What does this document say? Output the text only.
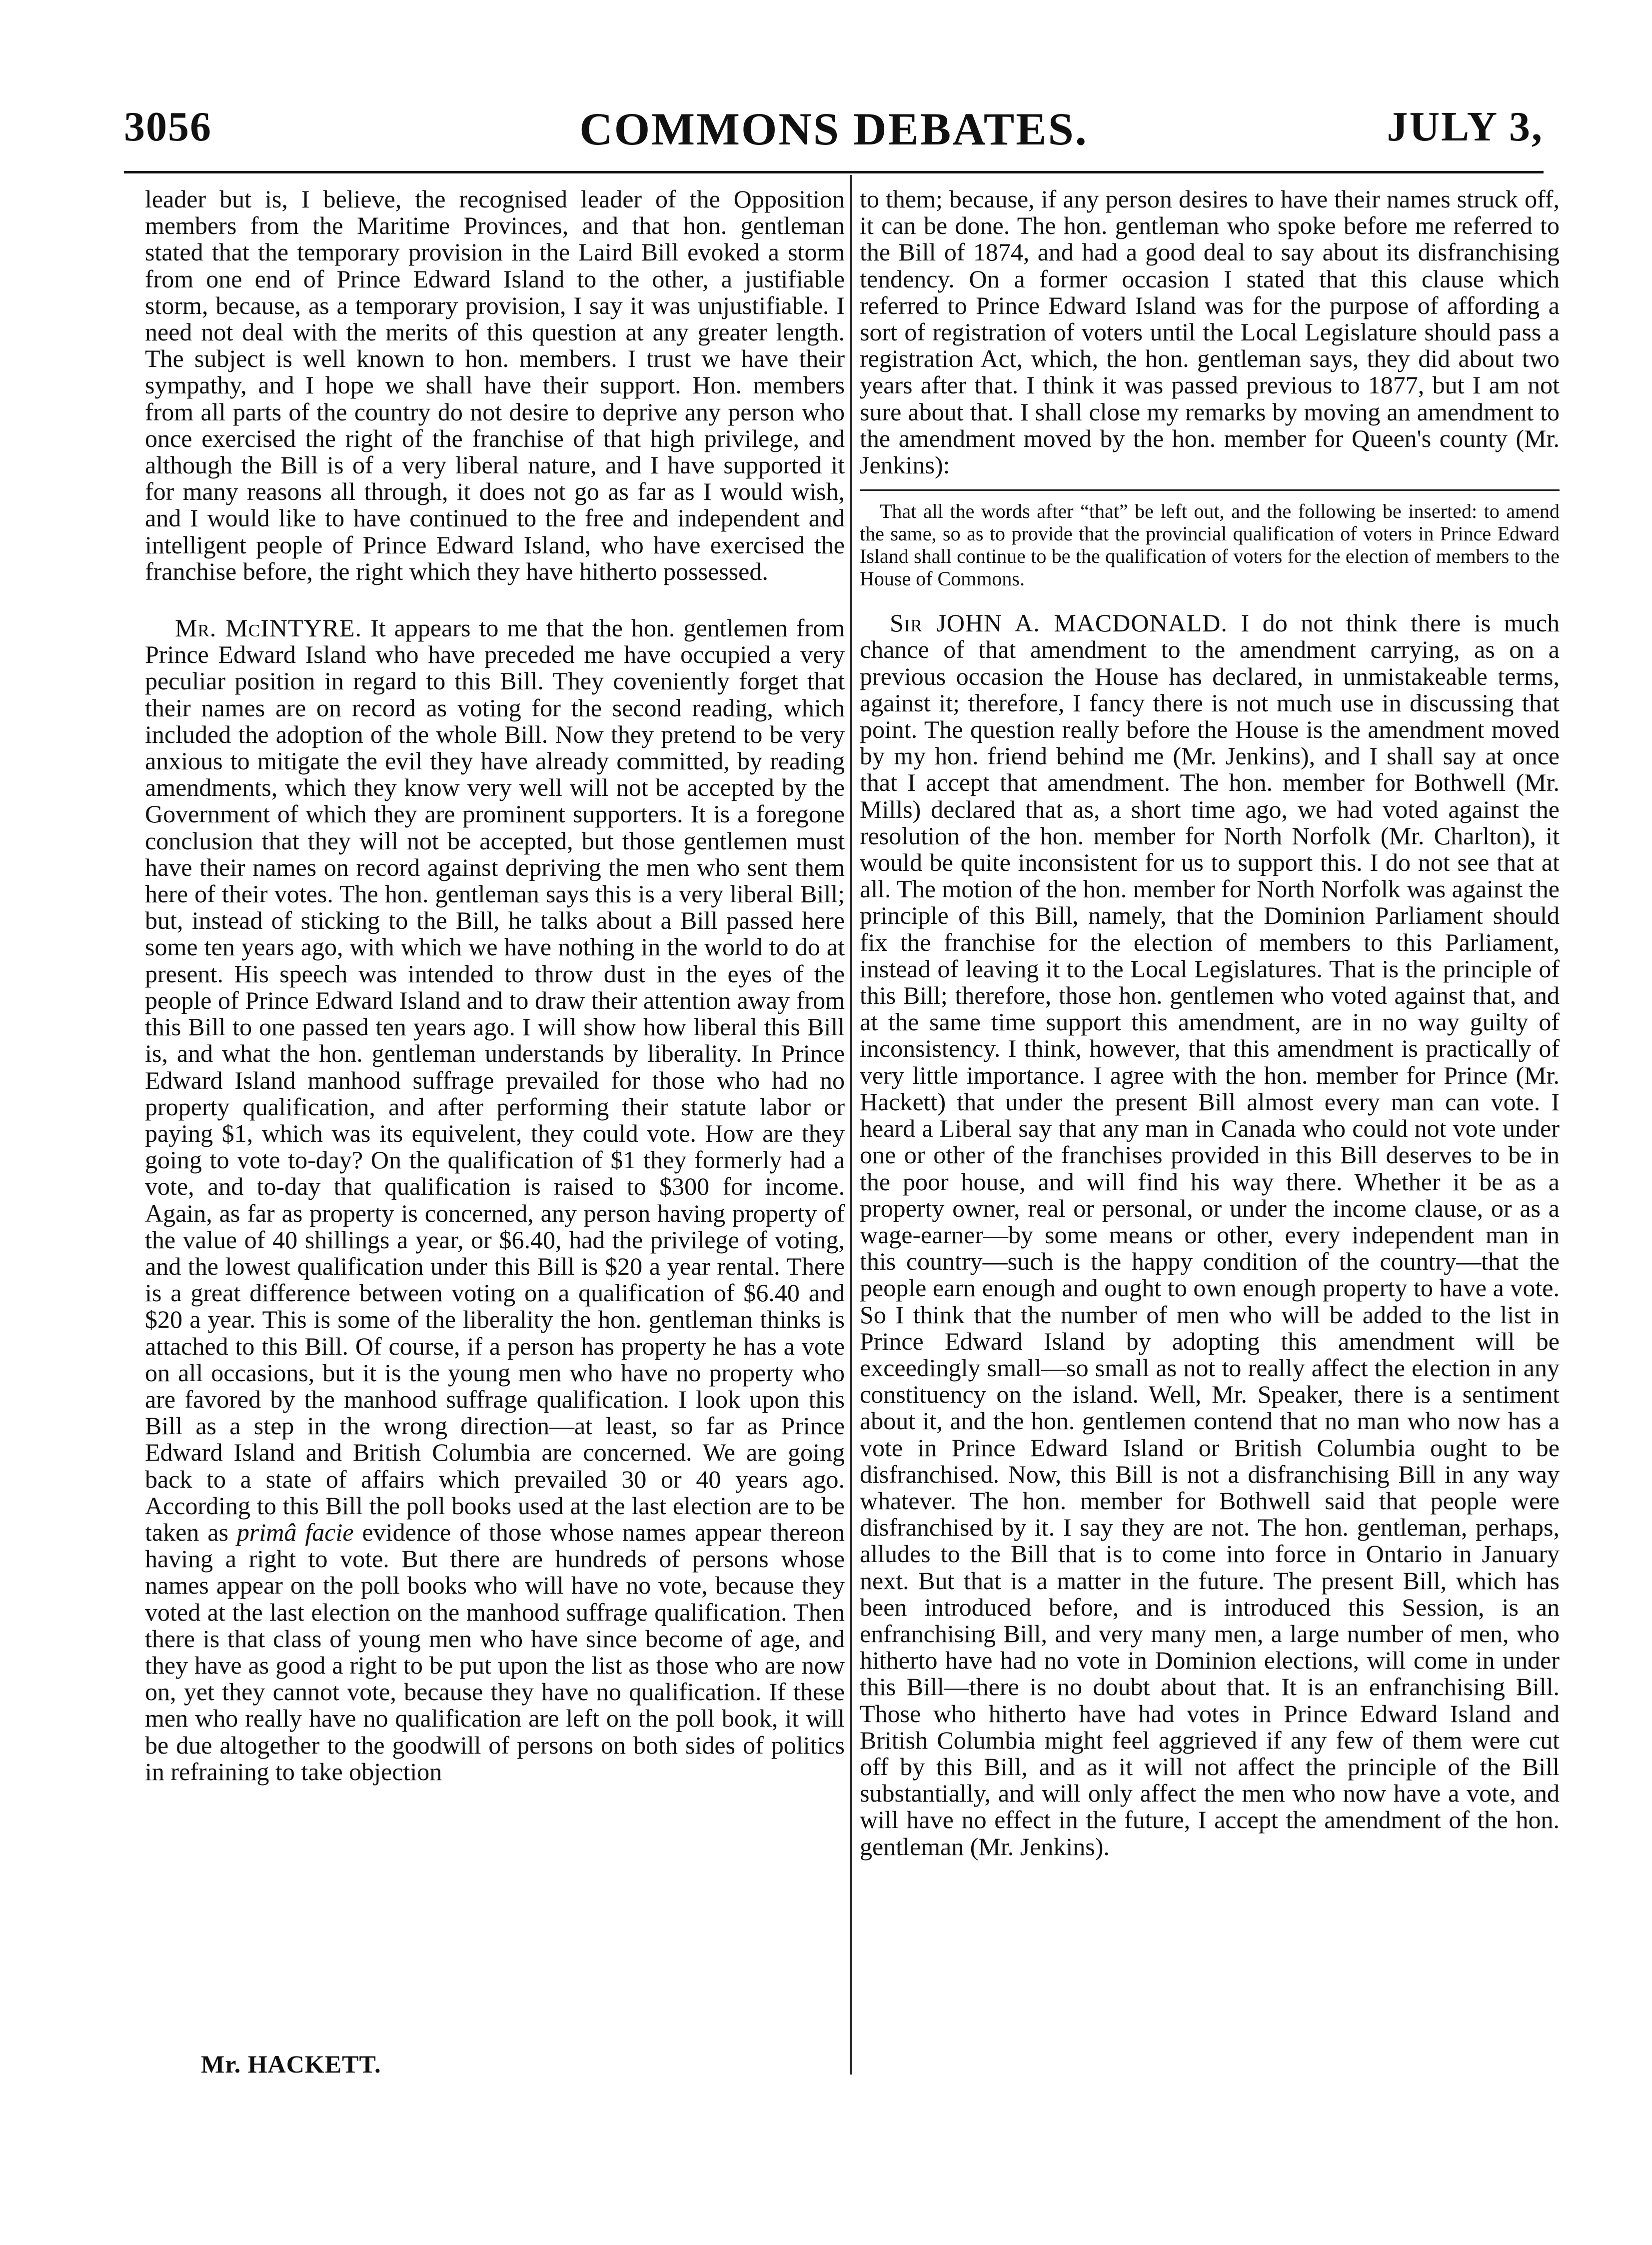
3056	COMMONS DEBATES.	JULY 3,

leader but is, I believe, the recognised leader of the Opposition members from the Maritime Provinces, and that hon. gentleman stated that the temporary provision in the Laird Bill evoked a storm from one end of Prince Edward Island to the other, a justifiable storm, because, as a temporary provision, I say it was unjustifiable. I need not deal with the merits of this question at any greater length. The subject is well known to hon. members. I trust we have their sympathy, and I hope we shall have their support. Hon. members from all parts of the country do not desire to deprive any person who once exercised the right of the franchise of that high privilege, and although the Bill is of a very liberal nature, and I have supported it for many reasons all through, it does not go as far as I would wish, and I would like to have continued to the free and independent and intelligent people of Prince Edward Island, who have exercised the franchise before, the right which they have hitherto possessed.

Mr. McINTYRE. It appears to me that the hon. gentlemen from Prince Edward Island who have preceded me have occupied a very peculiar position in regard to this Bill. They coveniently forget that their names are on record as voting for the second reading, which included the adoption of the whole Bill. Now they pretend to be very anxious to mitigate the evil they have already committed, by reading amendments, which they know very well will not be accepted by the Government of which they are prominent supporters. It is a foregone conclusion that they will not be accepted, but those gentlemen must have their names on record against depriving the men who sent them here of their votes. The hon. gentleman says this is a very liberal Bill; but, instead of sticking to the Bill, he talks about a Bill passed here some ten years ago, with which we have nothing in the world to do at present. His speech was intended to throw dust in the eyes of the people of Prince Edward Island and to draw their attention away from this Bill to one passed ten years ago. I will show how liberal this Bill is, and what the hon. gentleman understands by liberality. In Prince Edward Island manhood suffrage prevailed for those who had no property qualification, and after performing their statute labor or paying $1, which was its equivelent, they could vote. How are they going to vote to-day? On the qualification of $1 they formerly had a vote, and to-day that qualification is raised to $300 for income. Again, as far as property is concerned, any person having property of the value of 40 shillings a year, or $6.40, had the privilege of voting, and the lowest qualification under this Bill is $20 a year rental. There is a great difference between voting on a qualification of $6.40 and $20 a year. This is some of the liberality the hon. gentleman thinks is attached to this Bill. Of course, if a person has property he has a vote on all occasions, but it is the young men who have no property who are favored by the manhood suffrage qualification. I look upon this Bill as a step in the wrong direction—at least, so far as Prince Edward Island and British Columbia are concerned. We are going back to a state of affairs which prevailed 30 or 40 years ago. According to this Bill the poll books used at the last election are to be taken as primâ facie evidence of those whose names appear thereon having a right to vote. But there are hundreds of persons whose names appear on the poll books who will have no vote, because they voted at the last election on the manhood suffrage qualification. Then there is that class of young men who have since become of age, and they have as good a right to be put upon the list as those who are now on, yet they cannot vote, because they have no qualification. If these men who really have no qualification are left on the poll book, it will be due altogether to the goodwill of persons on both sides of politics in refraining to take objection

to them; because, if any person desires to have their names struck off, it can be done. The hon. gentleman who spoke before me referred to the Bill of 1874, and had a good deal to say about its disfranchising tendency. On a former occasion I stated that this clause which referred to Prince Edward Island was for the purpose of affording a sort of registration of voters until the Local Legislature should pass a registration Act, which, the hon. gentleman says, they did about two years after that. I think it was passed previous to 1877, but I am not sure about that. I shall close my remarks by moving an amendment to the amendment moved by the hon. member for Queen's county (Mr. Jenkins):

That all the words after “that” be left out, and the following be inserted: to amend the same, so as to provide that the provincial qualification of voters in Prince Edward Island shall continue to be the qualification of voters for the election of members to the House of Commons.

Sir JOHN A. MACDONALD. I do not think there is much chance of that amendment to the amendment carrying, as on a previous occasion the House has declared, in unmistakeable terms, against it; therefore, I fancy there is not much use in discussing that point. The question really before the House is the amendment moved by my hon. friend behind me (Mr. Jenkins), and I shall say at once that I accept that amendment. The hon. member for Bothwell (Mr. Mills) declared that as, a short time ago, we had voted against the resolution of the hon. member for North Norfolk (Mr. Charlton), it would be quite inconsistent for us to support this. I do not see that at all. The motion of the hon. member for North Norfolk was against the principle of this Bill, namely, that the Dominion Parliament should fix the franchise for the election of members to this Parliament, instead of leaving it to the Local Legislatures. That is the principle of this Bill; therefore, those hon. gentlemen who voted against that, and at the same time support this amendment, are in no way guilty of inconsistency. I think, however, that this amendment is practically of very little importance. I agree with the hon. member for Prince (Mr. Hackett) that under the present Bill almost every man can vote. I heard a Liberal say that any man in Canada who could not vote under one or other of the franchises provided in this Bill deserves to be in the poor house, and will find his way there. Whether it be as a property owner, real or personal, or under the income clause, or as a wage-earner—by some means or other, every independent man in this country—such is the happy condition of the country—that the people earn enough and ought to own enough property to have a vote. So I think that the number of men who will be added to the list in Prince Edward Island by adopting this amendment will be exceedingly small—so small as not to really affect the election in any constituency on the island. Well, Mr. Speaker, there is a sentiment about it, and the hon. gentlemen contend that no man who now has a vote in Prince Edward Island or British Columbia ought to be disfranchised. Now, this Bill is not a disfranchising Bill in any way whatever. The hon. member for Bothwell said that people were disfranchised by it. I say they are not. The hon. gentleman, perhaps, alludes to the Bill that is to come into force in Ontario in January next. But that is a matter in the future. The present Bill, which has been introduced before, and is introduced this Session, is an enfranchising Bill, and very many men, a large number of men, who hitherto have had no vote in Dominion elections, will come in under this Bill—there is no doubt about that. It is an enfranchising Bill. Those who hitherto have had votes in Prince Edward Island and British Columbia might feel aggrieved if any few of them were cut off by this Bill, and as it will not affect the principle of the Bill substantially, and will only affect the men who now have a vote, and will have no effect in the future, I accept the amendment of the hon. gentleman (Mr. Jenkins).

Mr. HACKETT.
